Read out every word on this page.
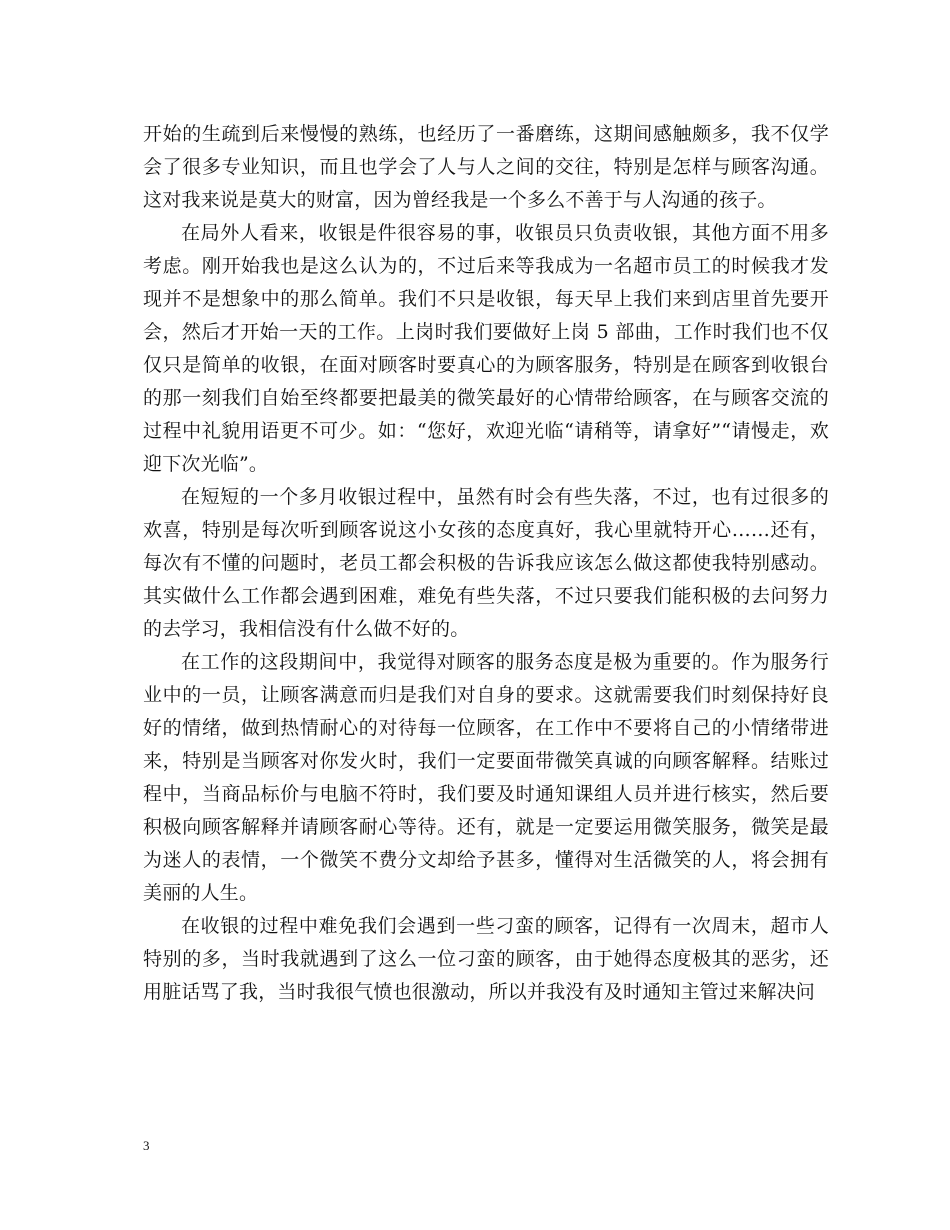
开始的生疏到后来慢慢的熟练，也经历了一番磨练，这期间感触颇多，我不仅学会了很多专业知识，而且也学会了人与人之间的交往，特别是怎样与顾客沟通。这对我来说是莫大的财富，因为曾经我是一个多么不善于与人沟通的孩子。

在局外人看来，收银是件很容易的事，收银员只负责收银，其他方面不用多考虑。刚开始我也是这么认为的，不过后来等我成为一名超市员工的时候我才发现并不是想象中的那么简单。我们不只是收银，每天早上我们来到店里首先要开会，然后才开始一天的工作。上岗时我们要做好上岗 5 部曲，工作时我们也不仅仅只是简单的收银，在面对顾客时要真心的为顾客服务，特别是在顾客到收银台的那一刻我们自始至终都要把最美的微笑最好的心情带给顾客，在与顾客交流的过程中礼貌用语更不可少。如：“您好，欢迎光临“请稍等，请拿好”“请慢走，欢迎下次光临”。

在短短的一个多月收银过程中，虽然有时会有些失落，不过，也有过很多的欢喜，特别是每次听到顾客说这小女孩的态度真好，我心里就特开心……还有，每次有不懂的问题时，老员工都会积极的告诉我应该怎么做这都使我特别感动。其实做什么工作都会遇到困难，难免有些失落，不过只要我们能积极的去问努力的去学习，我相信没有什么做不好的。

在工作的这段期间中，我觉得对顾客的服务态度是极为重要的。作为服务行业中的一员，让顾客满意而归是我们对自身的要求。这就需要我们时刻保持好良好的情绪，做到热情耐心的对待每一位顾客，在工作中不要将自己的小情绪带进来，特别是当顾客对你发火时，我们一定要面带微笑真诚的向顾客解释。结账过程中，当商品标价与电脑不符时，我们要及时通知课组人员并进行核实，然后要积极向顾客解释并请顾客耐心等待。还有，就是一定要运用微笑服务，微笑是最为迷人的表情，一个微笑不费分文却给予甚多，懂得对生活微笑的人，将会拥有美丽的人生。

在收银的过程中难免我们会遇到一些刁蛮的顾客，记得有一次周末，超市人特别的多，当时我就遇到了这么一位刁蛮的顾客，由于她得态度极其的恶劣，还用脏话骂了我，当时我很气愤也很激动，所以并我没有及时通知主管过来解决问

3
